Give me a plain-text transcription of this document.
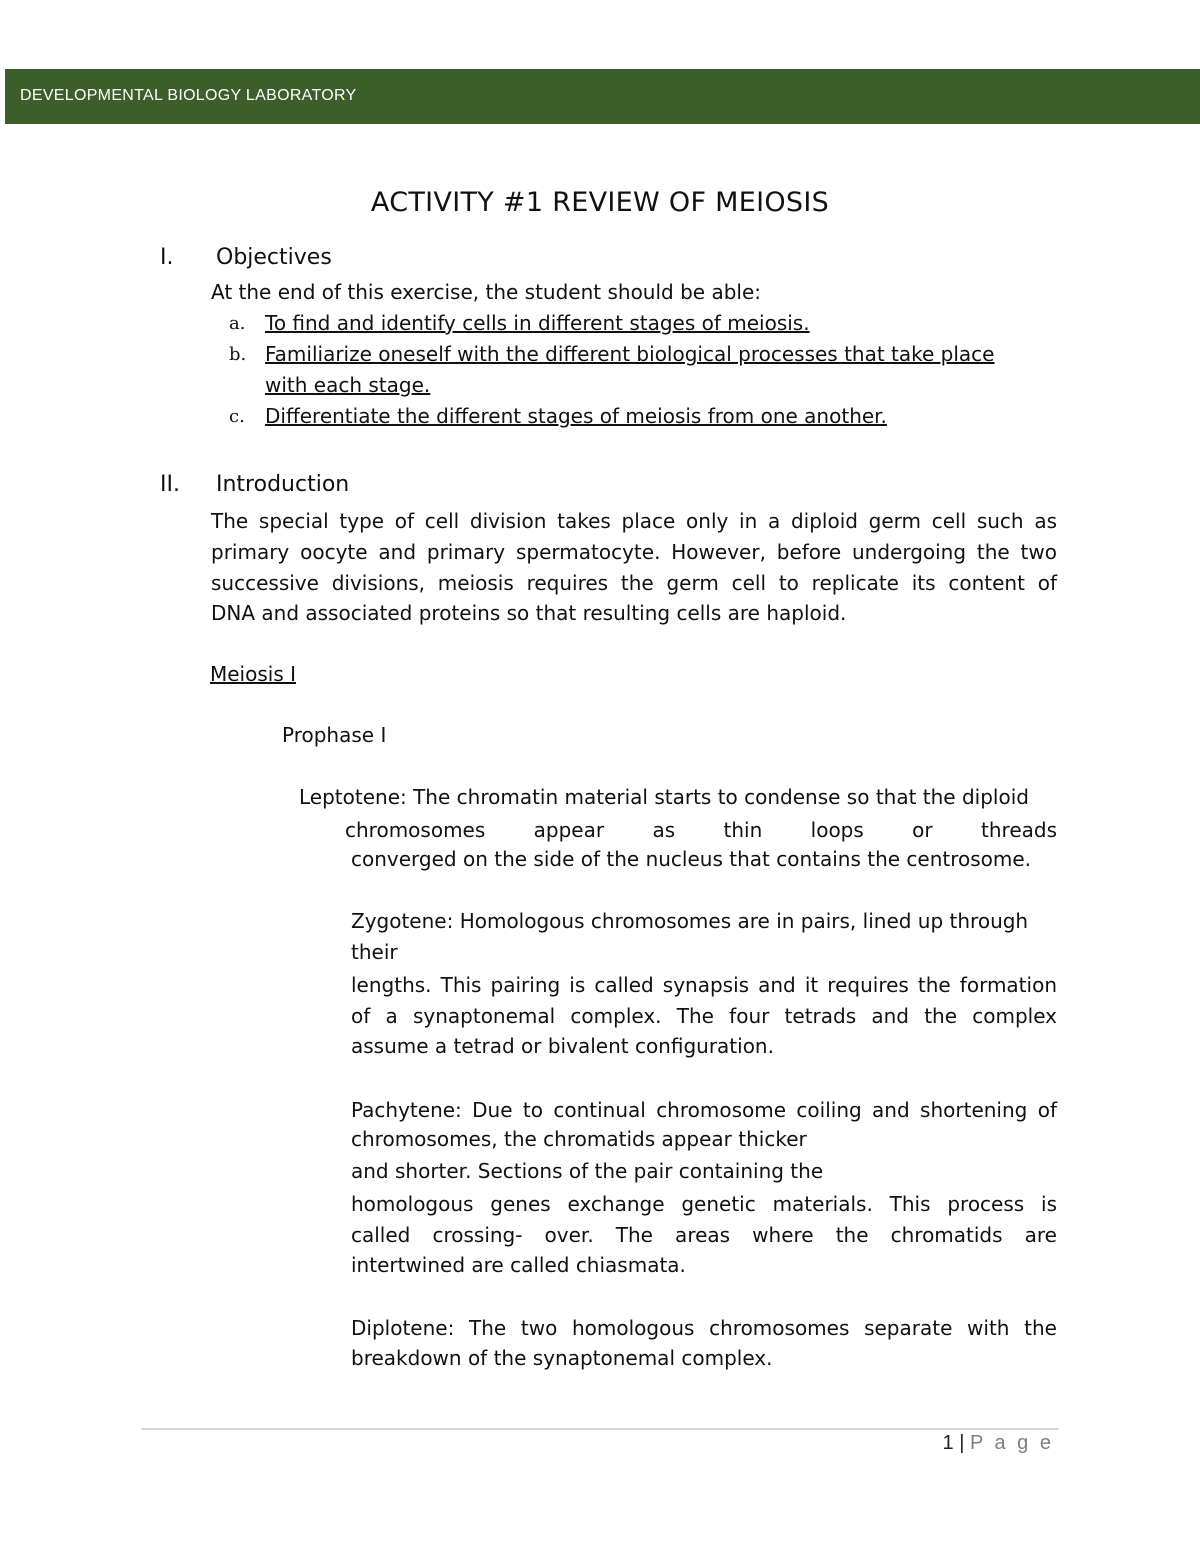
DEVELOPMENTAL BIOLOGY LABORATORY
ACTIVITY #1 REVIEW OF MEIOSIS
I. Objectives
At the end of this exercise, the student should be able:
a. To find and identify cells in different stages of meiosis.
b. Familiarize oneself with the different biological processes that take place
with each stage.
c. Differentiate the different stages of meiosis from one another.
II. Introduction
The special type of cell division takes place only in a diploid germ cell such as
primary oocyte and primary spermatocyte. However, before undergoing the two
successive divisions, meiosis requires the germ cell to replicate its content of
DNA and associated proteins so that resulting cells are haploid.
Meiosis I
Prophase I
Leptotene: The chromatin material starts to condense so that the diploid
chromosomes appear as thin loops or threads
converged on the side of the nucleus that contains the centrosome.
Zygotene: Homologous chromosomes are in pairs, lined up through
their
lengths. This pairing is called synapsis and it requires the formation
of a synaptonemal complex. The four tetrads and the complex
assume a tetrad or bivalent configuration.
Pachytene: Due to continual chromosome coiling and shortening of
chromosomes, the chromatids appear thicker
and shorter. Sections of the pair containing the
homologous genes exchange genetic materials. This process is
called crossing- over. The areas where the chromatids are
intertwined are called chiasmata.
Diplotene: The two homologous chromosomes separate with the
breakdown of the synaptonemal complex.
1 | P a g e
